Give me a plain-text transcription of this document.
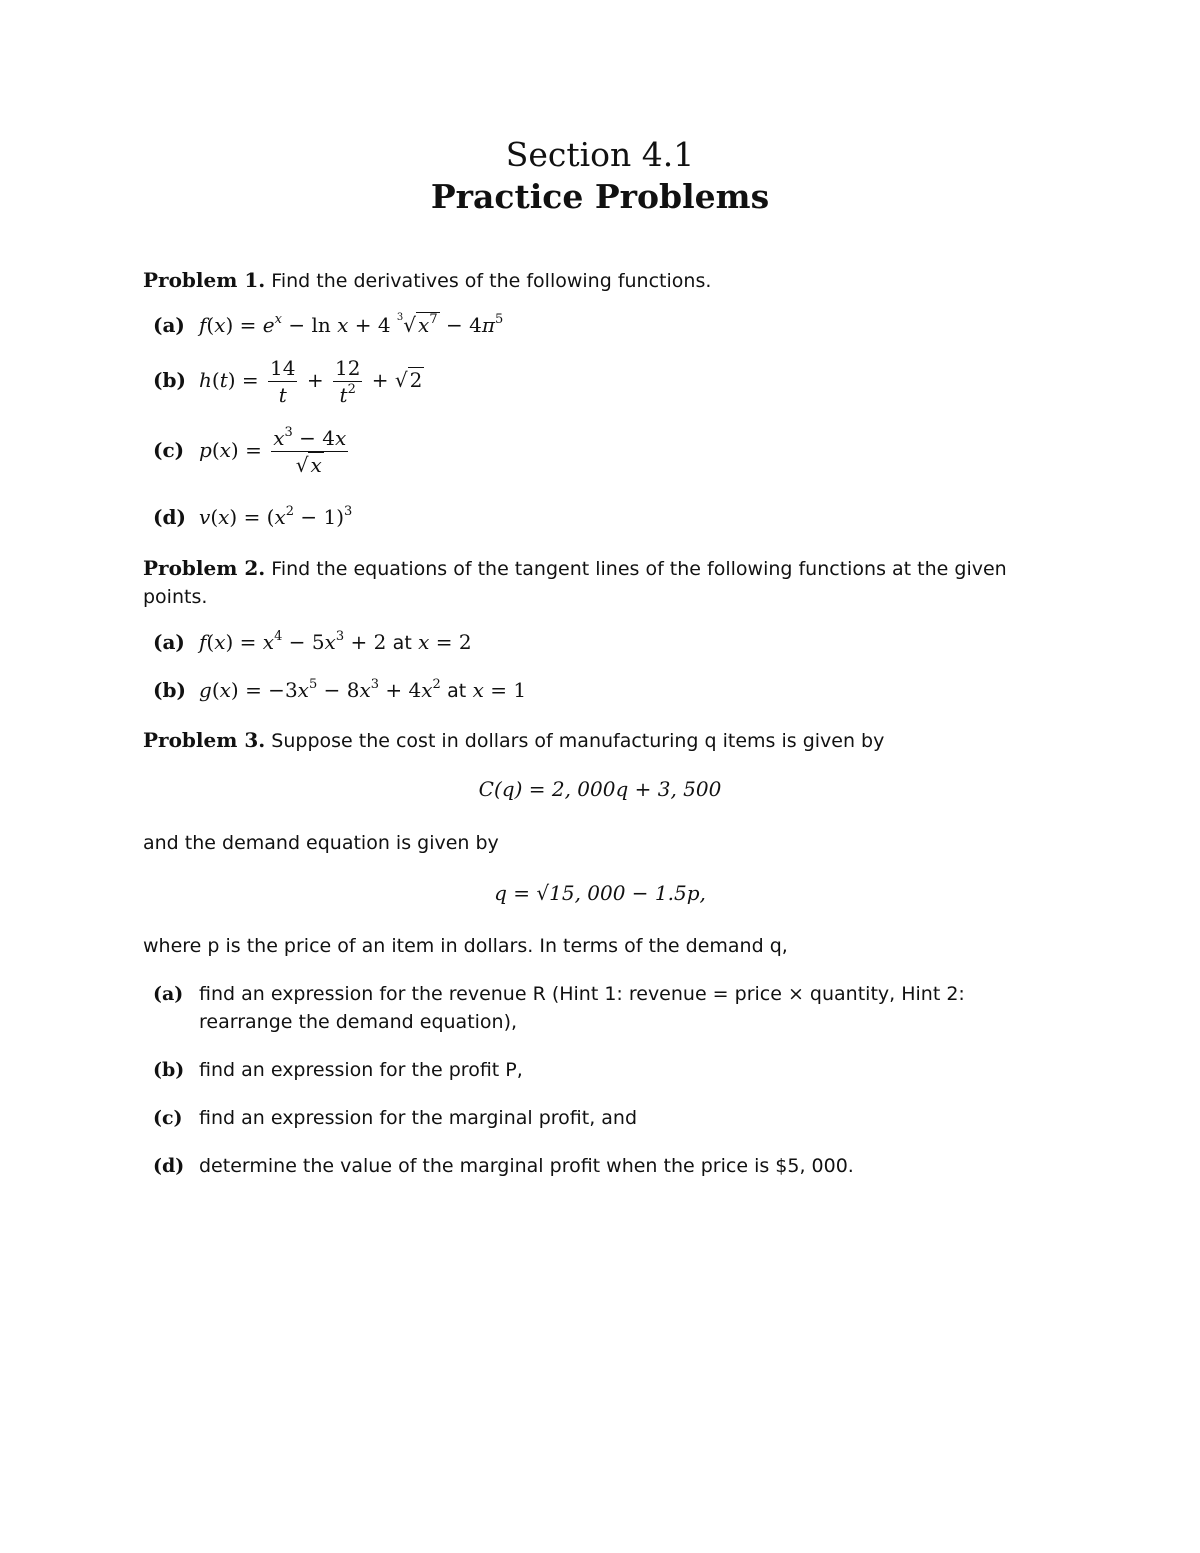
Section 4.1
Practice Problems
Problem 1. Find the derivatives of the following functions.
(a) $f(x) = e^x - \ln x + 4$ $^3$√ $x^7 - 4\pi^5$
(b) $h(t) = \frac{14}{t} + \frac{12}{t^2}$ + √ 2
(c) $p(x) = \frac{x^3 - 4x}{√ x}$
(d) $v(x) = (x^2 - 1)^3$
Problem 2. Find the equations of the tangent lines of the following functions at the given points.
(a) $f(x) = x^4 - 5x^3 + 2$ at x = 2
(b) $g(x) = -3x^5 - 8x^3 + 4x^2$ at x = 1
Problem 3. Suppose the cost in dollars of manufacturing q items is given by
C(q) = 2, 000q + 3, 500
and the demand equation is given by
q = √15, 000 − 1.5p,
where p is the price of an item in dollars. In terms of the demand q,
(a) find an expression for the revenue R (Hint 1: revenue = price × quantity, Hint 2: rearrange the demand equation),
(b) find an expression for the profit P,
(c) find an expression for the marginal profit, and
(d) determine the value of the marginal profit when the price is $5, 000.
